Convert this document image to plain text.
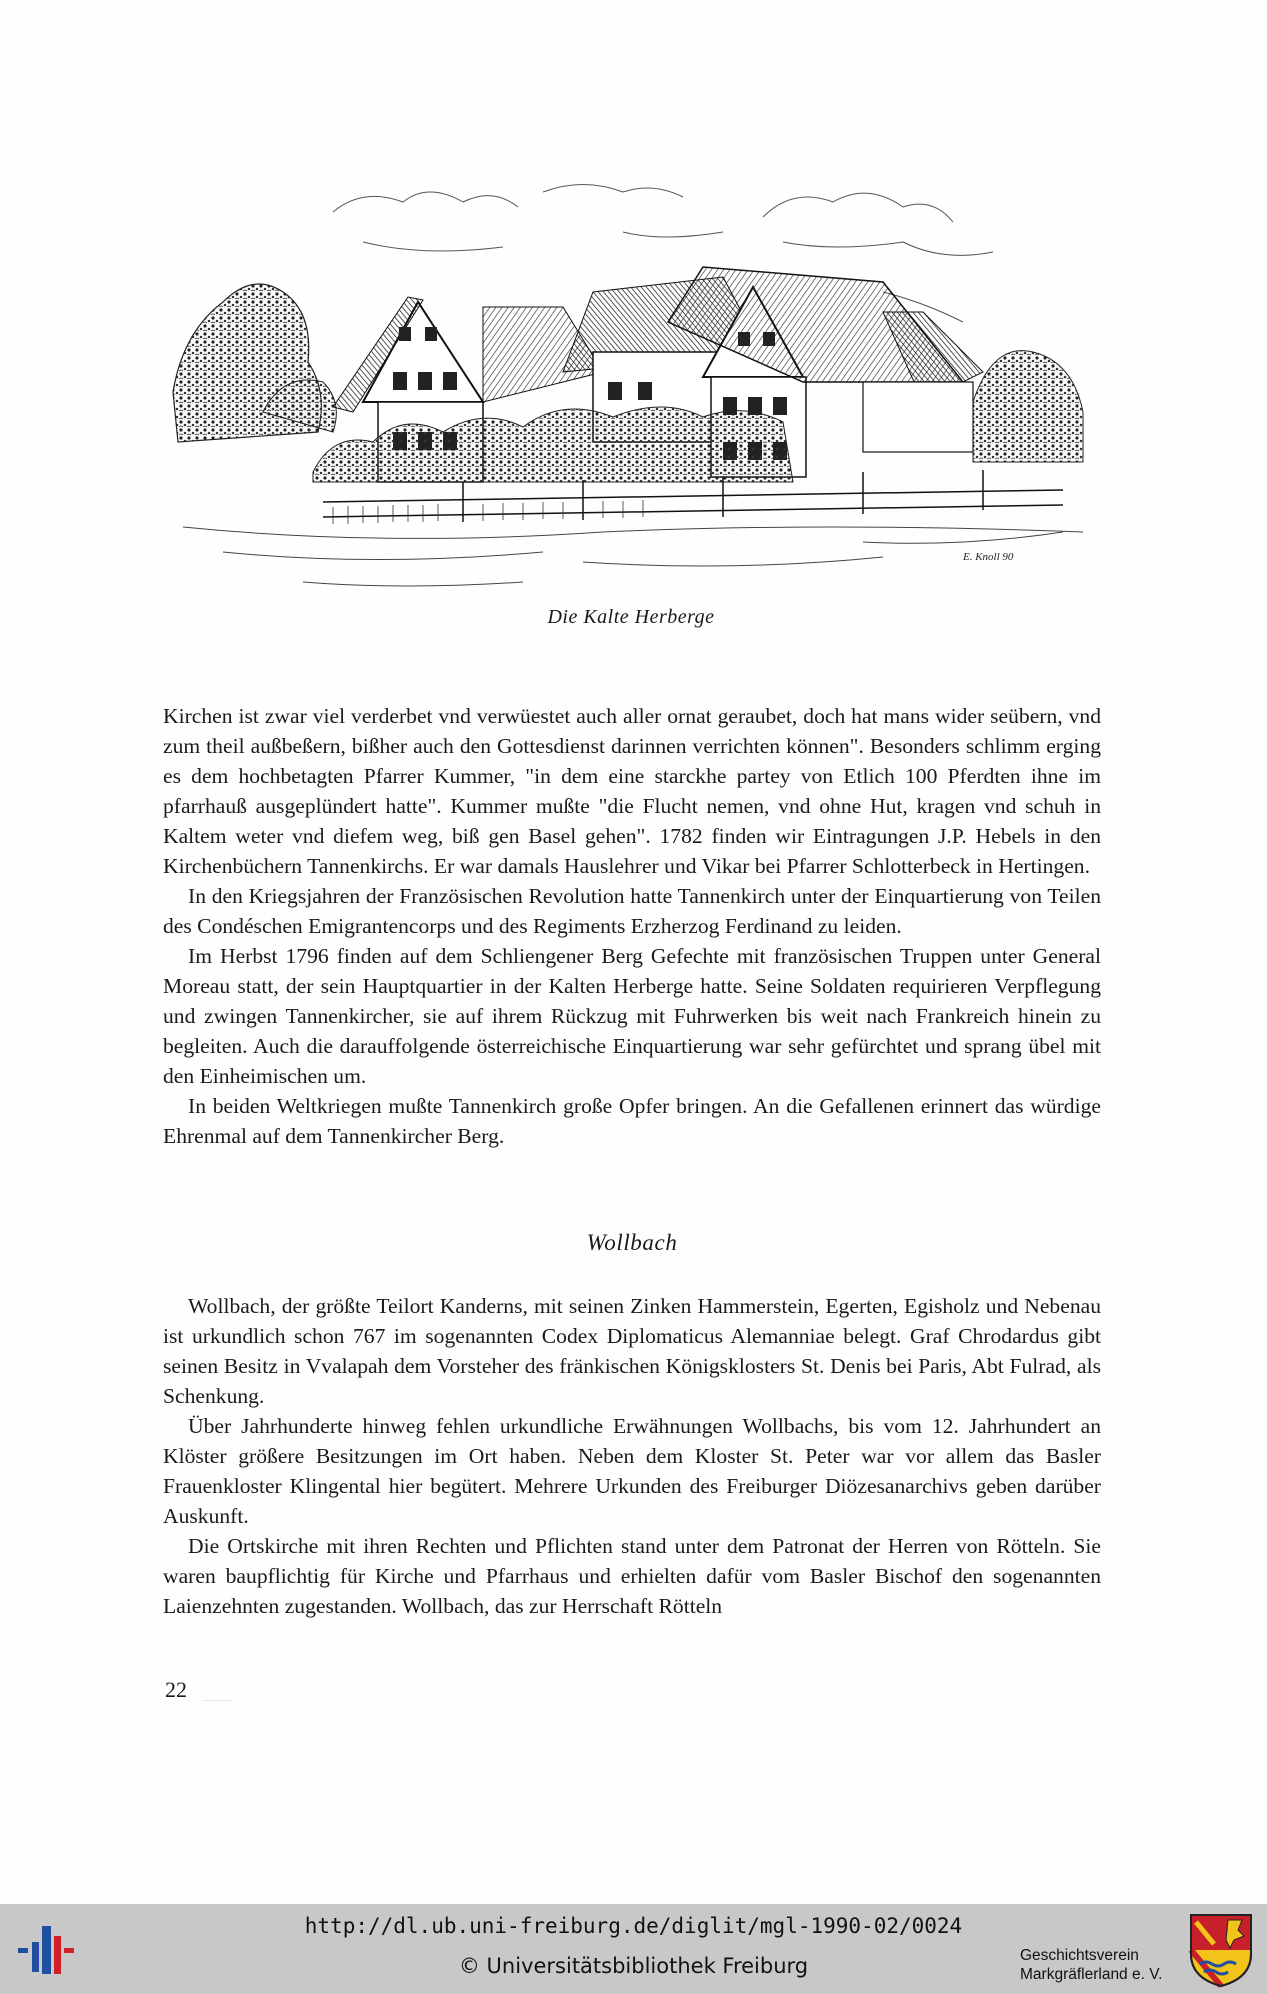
E. Knoll 90
Die Kalte Herberge

Kirchen ist zwar viel verderbet vnd verwüestet auch aller ornat geraubet, doch hat mans wider seübern, vnd zum theil außbeßern, bißher auch den Gottesdienst darinnen verrichten können". Besonders schlimm erging es dem hochbetagten Pfarrer Kummer, "in dem eine starckhe partey von Etlich 100 Pferdten ihne im pfarrhauß ausgeplündert hatte". Kummer mußte "die Flucht nemen, vnd ohne Hut, kragen vnd schuh in Kaltem weter vnd diefem weg, biß gen Basel gehen". 1782 finden wir Eintragungen J.P. Hebels in den Kirchenbüchern Tannenkirchs. Er war damals Hauslehrer und Vikar bei Pfarrer Schlotterbeck in Hertingen.

In den Kriegsjahren der Französischen Revolution hatte Tannenkirch unter der Einquartierung von Teilen des Condéschen Emigrantencorps und des Regiments Erzherzog Ferdinand zu leiden.

Im Herbst 1796 finden auf dem Schliengener Berg Gefechte mit französischen Truppen unter General Moreau statt, der sein Hauptquartier in der Kalten Herberge hatte. Seine Soldaten requirieren Verpflegung und zwingen Tannenkircher, sie auf ihrem Rückzug mit Fuhrwerken bis weit nach Frankreich hinein zu begleiten. Auch die darauffolgende österreichische Einquartierung war sehr gefürchtet und sprang übel mit den Einheimischen um.

In beiden Weltkriegen mußte Tannenkirch große Opfer bringen. An die Gefallenen erinnert das würdige Ehrenmal auf dem Tannenkircher Berg.

Wollbach

Wollbach, der größte Teilort Kanderns, mit seinen Zinken Hammerstein, Egerten, Egisholz und Nebenau ist urkundlich schon 767 im sogenannten Codex Diplomaticus Alemanniae belegt. Graf Chrodardus gibt seinen Besitz in Vvalapah dem Vorsteher des fränkischen Königsklosters St. Denis bei Paris, Abt Fulrad, als Schenkung.

Über Jahrhunderte hinweg fehlen urkundliche Erwähnungen Wollbachs, bis vom 12. Jahrhundert an Klöster größere Besitzungen im Ort haben. Neben dem Kloster St. Peter war vor allem das Basler Frauenkloster Klingental hier begütert. Mehrere Urkunden des Freiburger Diözesanarchivs geben darüber Auskunft.

Die Ortskirche mit ihren Rechten und Pflichten stand unter dem Patronat der Herren von Rötteln. Sie waren baupflichtig für Kirche und Pfarrhaus und erhielten dafür vom Basler Bischof den sogenannten Laienzehnten zugestanden. Wollbach, das zur Herrschaft Rötteln

22
http://dl.ub.uni-freiburg.de/diglit/mgl-1990-02/0024
© Universitätsbibliothek Freiburg	Geschichtsverein
Markgräflerland e. V.
